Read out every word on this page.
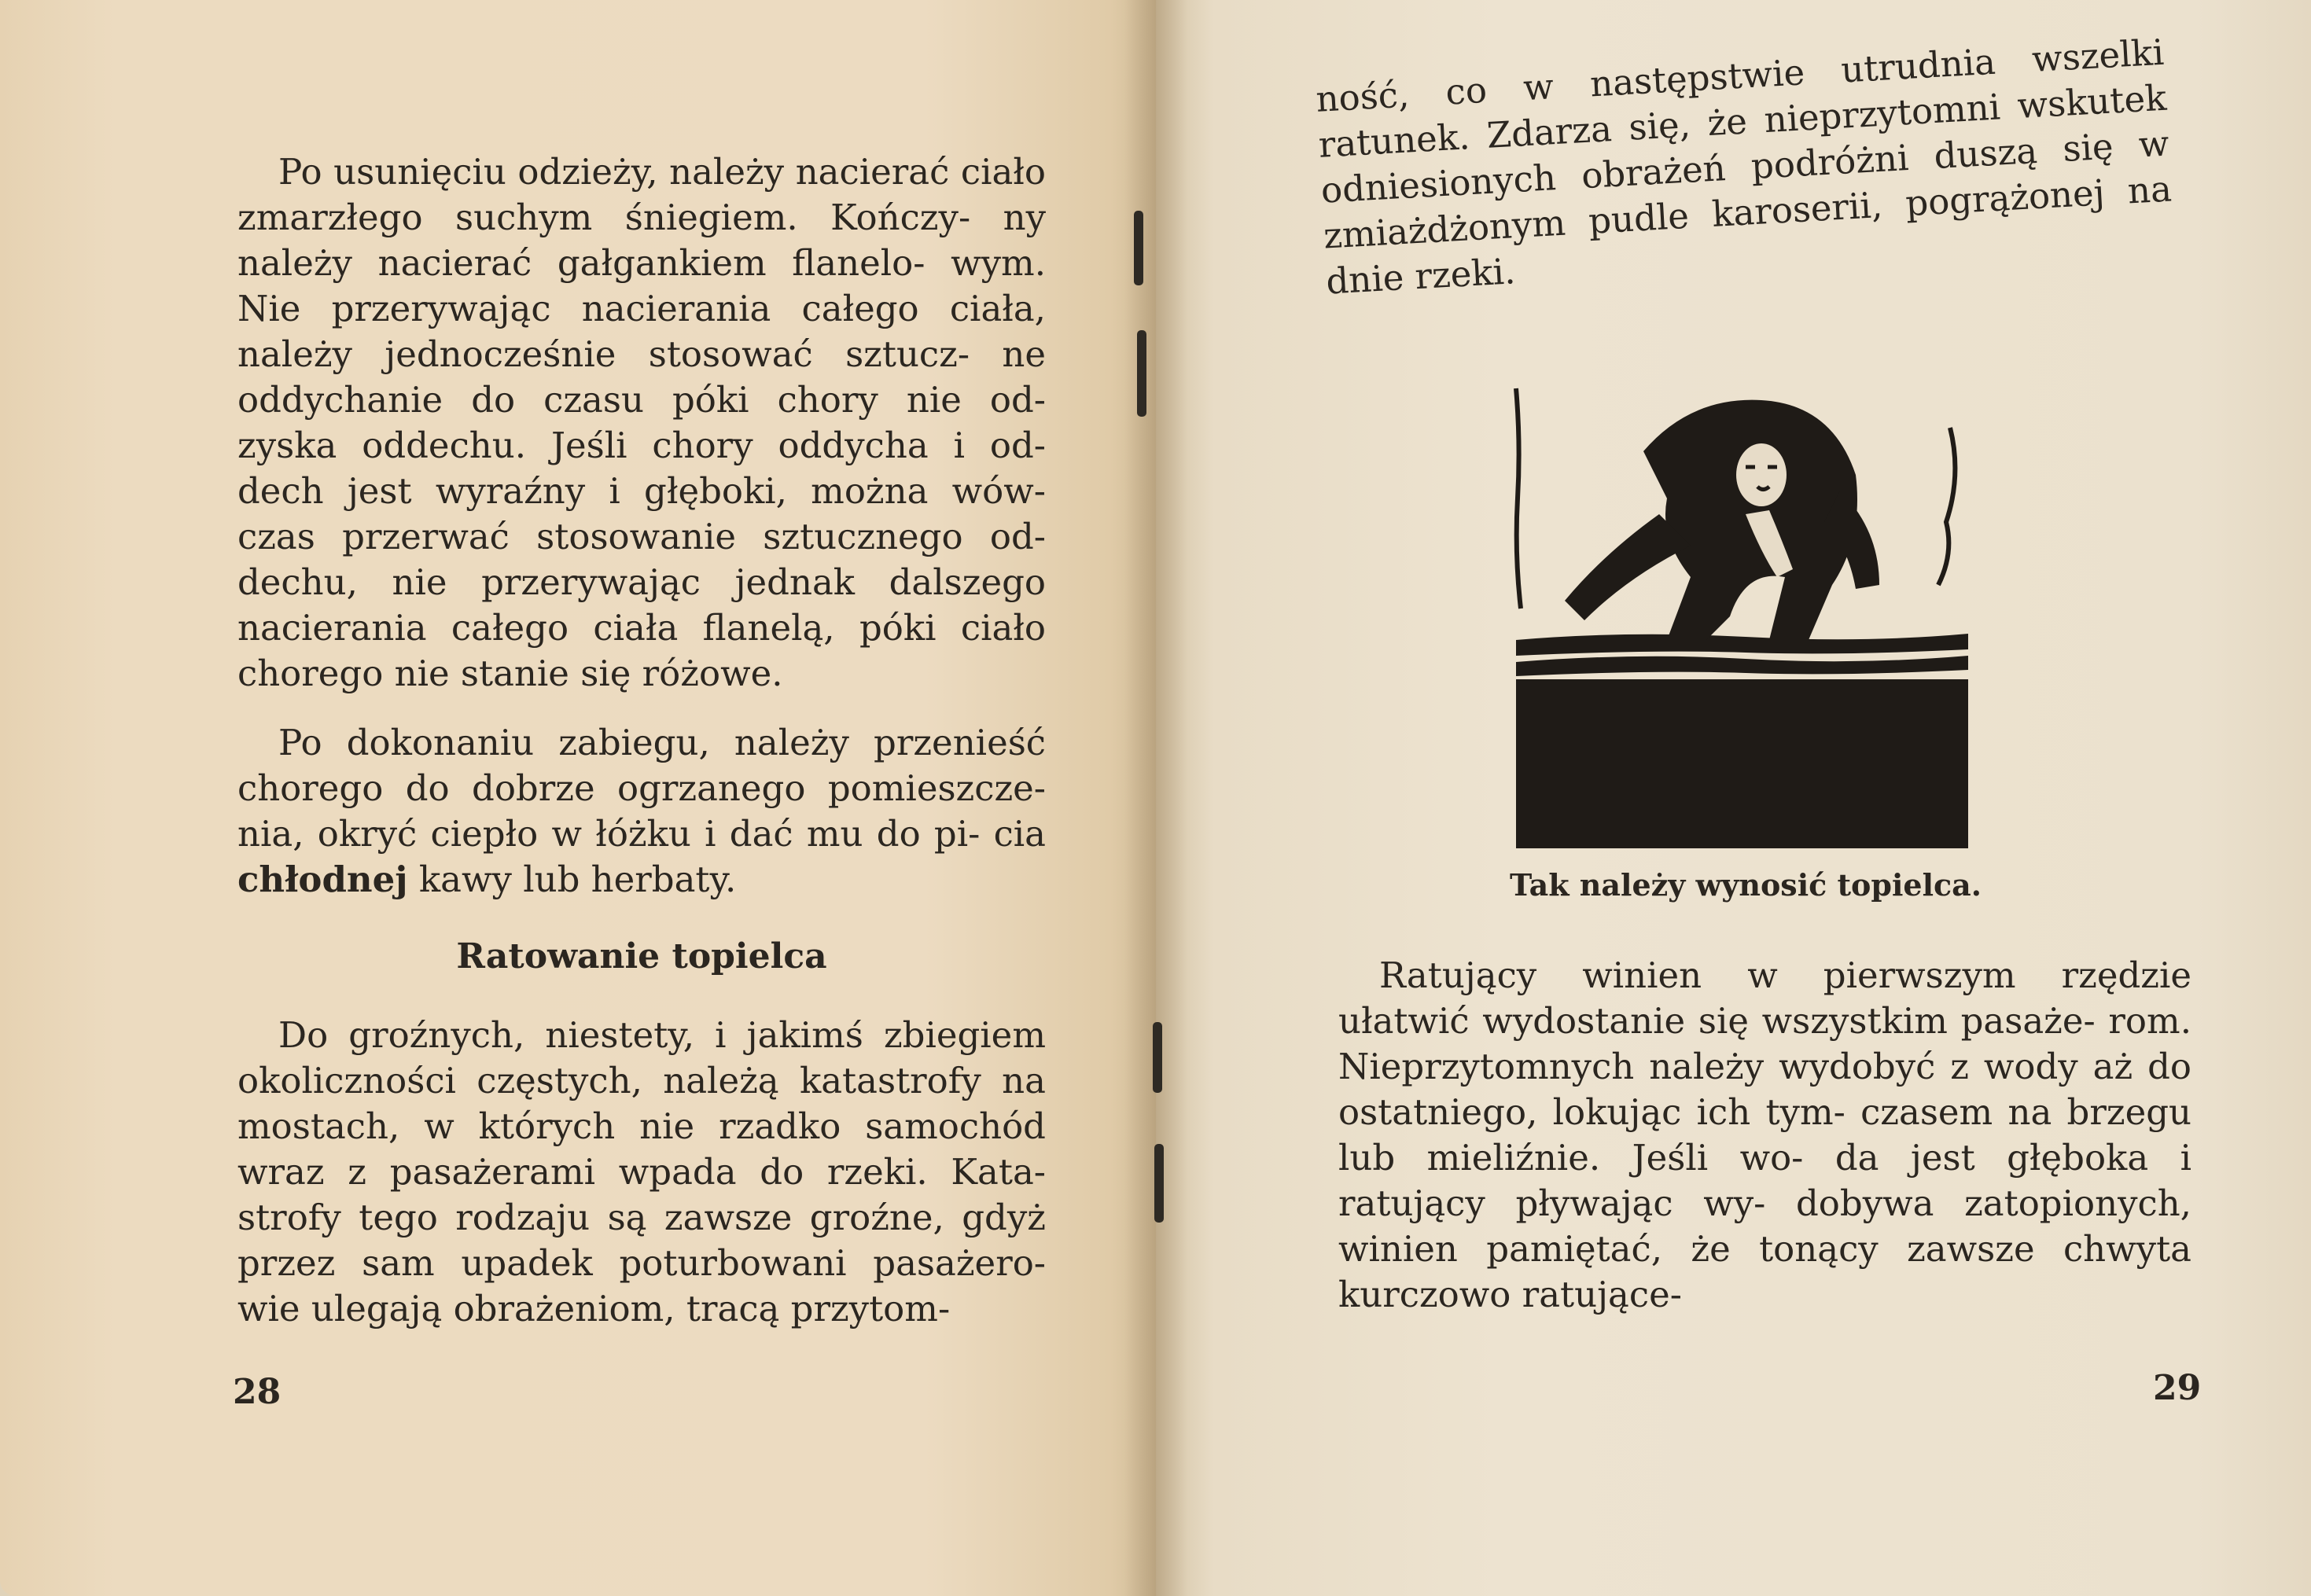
Po usunięciu odzieży, należy nacierać ciało zmarzłego suchym śniegiem. Kończy- ny należy nacierać gałgankiem flanelo- wym. Nie przerywając nacierania całego ciała, należy jednocześnie stosować sztucz- ne oddychanie do czasu póki chory nie od- zyska oddechu. Jeśli chory oddycha i od- dech jest wyraźny i głęboki, można wów- czas przerwać stosowanie sztucznego od- dechu, nie przerywając jednak dalszego nacierania całego ciała flanelą, póki ciało chorego nie stanie się różowe.

Po dokonaniu zabiegu, należy przenieść chorego do dobrze ogrzanego pomieszcze- nia, okryć ciepło w łóżku i dać mu do pi- cia chłodnej kawy lub herbaty.

Ratowanie topielca

Do groźnych, niestety, i jakimś zbiegiem okoliczności częstych, należą katastrofy na mostach, w których nie rzadko samochód wraz z pasażerami wpada do rzeki. Kata- strofy tego rodzaju są zawsze groźne, gdyż przez sam upadek poturbowani pasażero- wie ulegają obrażeniom, tracą przytom-

28

ność, co w następstwie utrudnia wszelki ratunek. Zdarza się, że nieprzytomni wskutek odniesionych obrażeń podróżni duszą się w zmiażdżonym pudle karoserii, pogrążonej na dnie rzeki.

Tak należy wynosić topielca.

Ratujący winien w pierwszym rzędzie ułatwić wydostanie się wszystkim pasaże- rom. Nieprzytomnych należy wydobyć z wody aż do ostatniego, lokując ich tym- czasem na brzegu lub mieliźnie. Jeśli wo- da jest głęboka i ratujący pływając wy- dobywa zatopionych, winien pamiętać, że tonący zawsze chwyta kurczowo ratujące-

29
